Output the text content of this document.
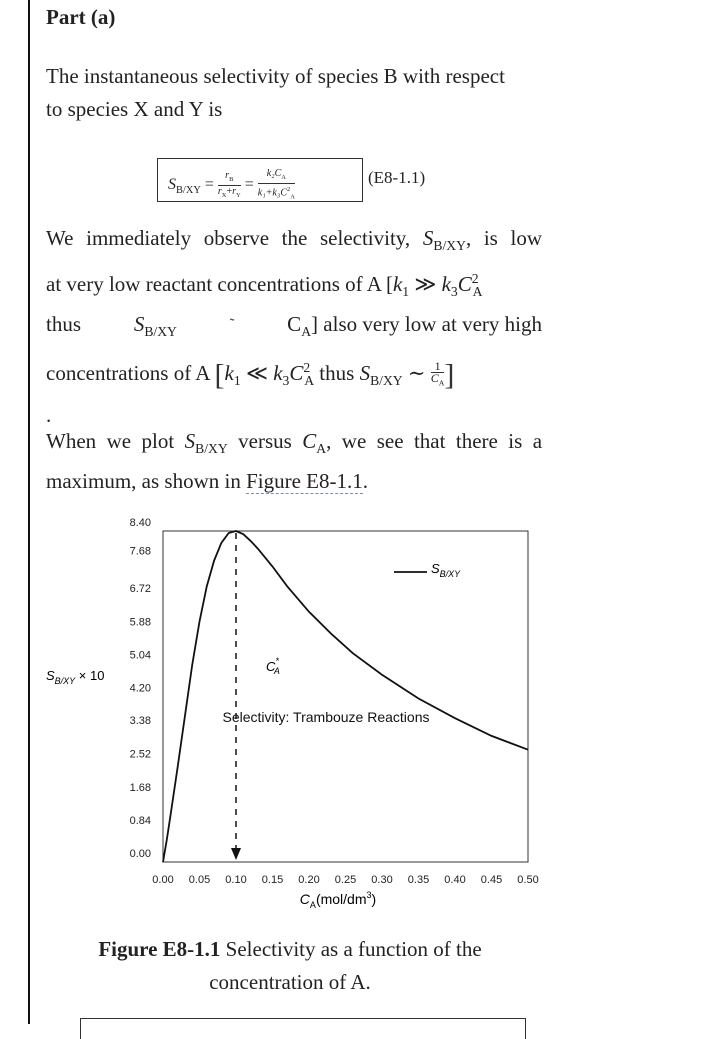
Part (a)
The instantaneous selectivity of species B with respect
to species X and Y is
$S_{B/XY} = \frac{r_B}{r_X+r_Y} = \frac{k_2C_A}{k_1+k_3C^2_A}$	(E8-1.1)
We immediately observe the selectivity, $S_{B/XY}$, is low
at very low reactant concentrations of A [$k_1$ ≫ $k_3C^2_A$
thus	$S_{B/XY}$	˜	$C_A$] also very low at very high
concentrations of A [$k_1$ ≪ $k_3C^2_A$ thus $S_{B/XY}$ ∼ $\frac{1}{C_A}$ ]
.
When we plot $S_{B/XY}$ versus $C_A$, we see that there is a
maximum, as shown in Figure E8-1.1.
0.00
0.84
1.68
2.52
3.38
4.20
5.04
5.88
6.72
7.68
8.40
0.00 0.05 0.10 0.15 0.20 0.25 0.30 0.35 0.40 0.45 0.50
C* A
Selectivity: Trambouze Reactions
$S_{B/XY}$
$S_{B/XY} \times 10$
$C_A(mol/dm^3)$
Figure E8-1.1 Selectivity as a function of the concentration of A.
